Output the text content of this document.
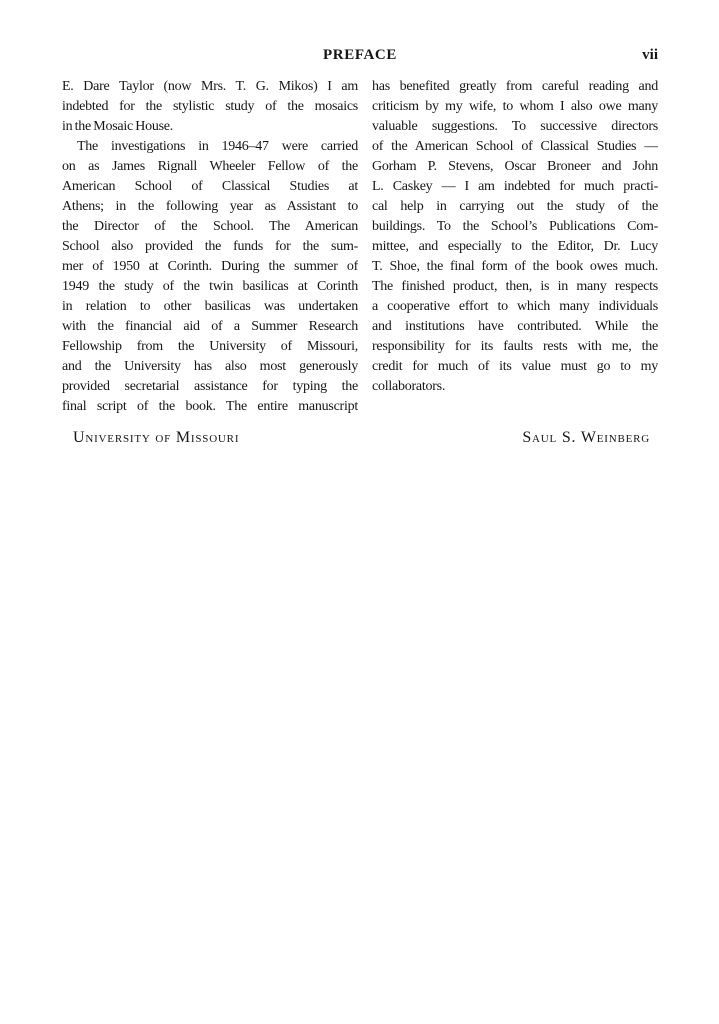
PREFACE	vii
E. Dare Taylor (now Mrs. T. G. Mikos) I am
indebted for the stylistic study of the mosaics
in the Mosaic House.
The investigations in 1946–47 were carried
on as James Rignall Wheeler Fellow of the
American School of Classical Studies at
Athens; in the following year as Assistant to
the Director of the School. The American
School also provided the funds for the sum-
mer of 1950 at Corinth. During the summer of
1949 the study of the twin basilicas at Corinth
in relation to other basilicas was undertaken
with the financial aid of a Summer Research
Fellowship from the University of Missouri,
and the University has also most generously
provided secretarial assistance for typing the
final script of the book. The entire manuscript
has benefited greatly from careful reading and
criticism by my wife, to whom I also owe many
valuable suggestions. To successive directors
of the American School of Classical Studies —
Gorham P. Stevens, Oscar Broneer and John
L. Caskey — I am indebted for much practi-
cal help in carrying out the study of the
buildings. To the School’s Publications Com-
mittee, and especially to the Editor, Dr. Lucy
T. Shoe, the final form of the book owes much.
The finished product, then, is in many respects
a cooperative effort to which many individuals
and institutions have contributed. While the
responsibility for its faults rests with me, the
credit for much of its value must go to my
collaborators.
University of Missouri	Saul S. Weinberg
